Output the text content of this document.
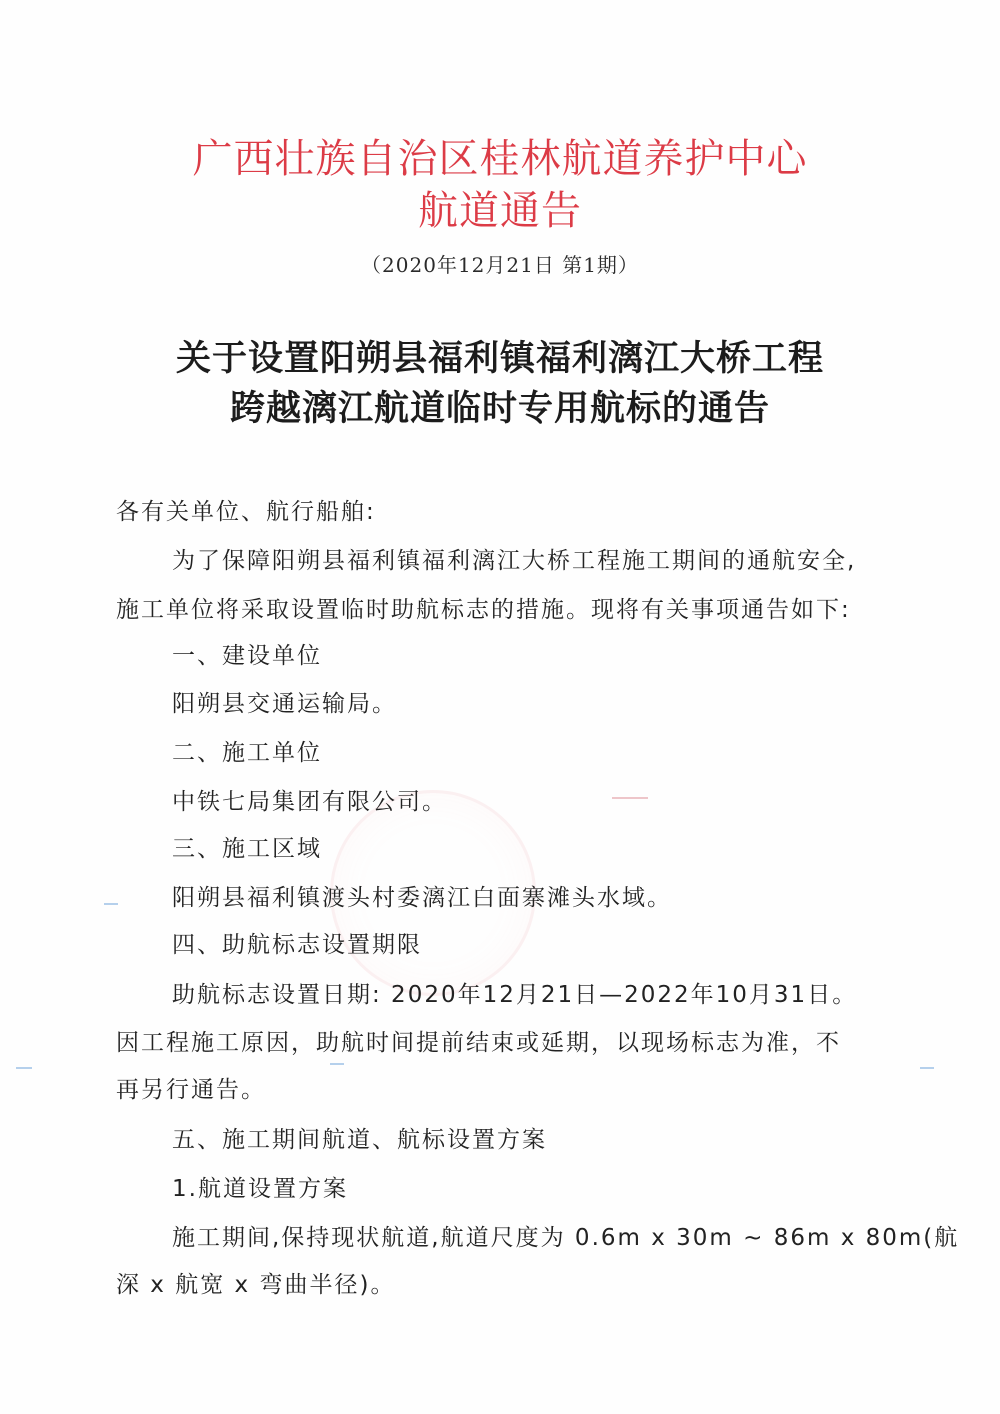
广西壮族自治区桂林航道养护中心
航道通告
（2020年12月21日 第1期）
关于设置阳朔县福利镇福利漓江大桥工程
跨越漓江航道临时专用航标的通告
各有关单位、航行船舶:
为了保障阳朔县福利镇福利漓江大桥工程施工期间的通航安全,
施工单位将采取设置临时助航标志的措施。现将有关事项通告如下:
一、建设单位
阳朔县交通运输局。
二、施工单位
中铁七局集团有限公司。
三、施工区域
阳朔县福利镇渡头村委漓江白面寨滩头水域。
四、助航标志设置期限
助航标志设置日期: 2020年12月21日—2022年10月31日。
因工程施工原因，助航时间提前结束或延期，以现场标志为准，不
再另行通告。
五、施工期间航道、航标设置方案
1.航道设置方案
施工期间,保持现状航道,航道尺度为 0.6m x 30m ~ 86m x 80m(航
深 x 航宽 x 弯曲半径)。
